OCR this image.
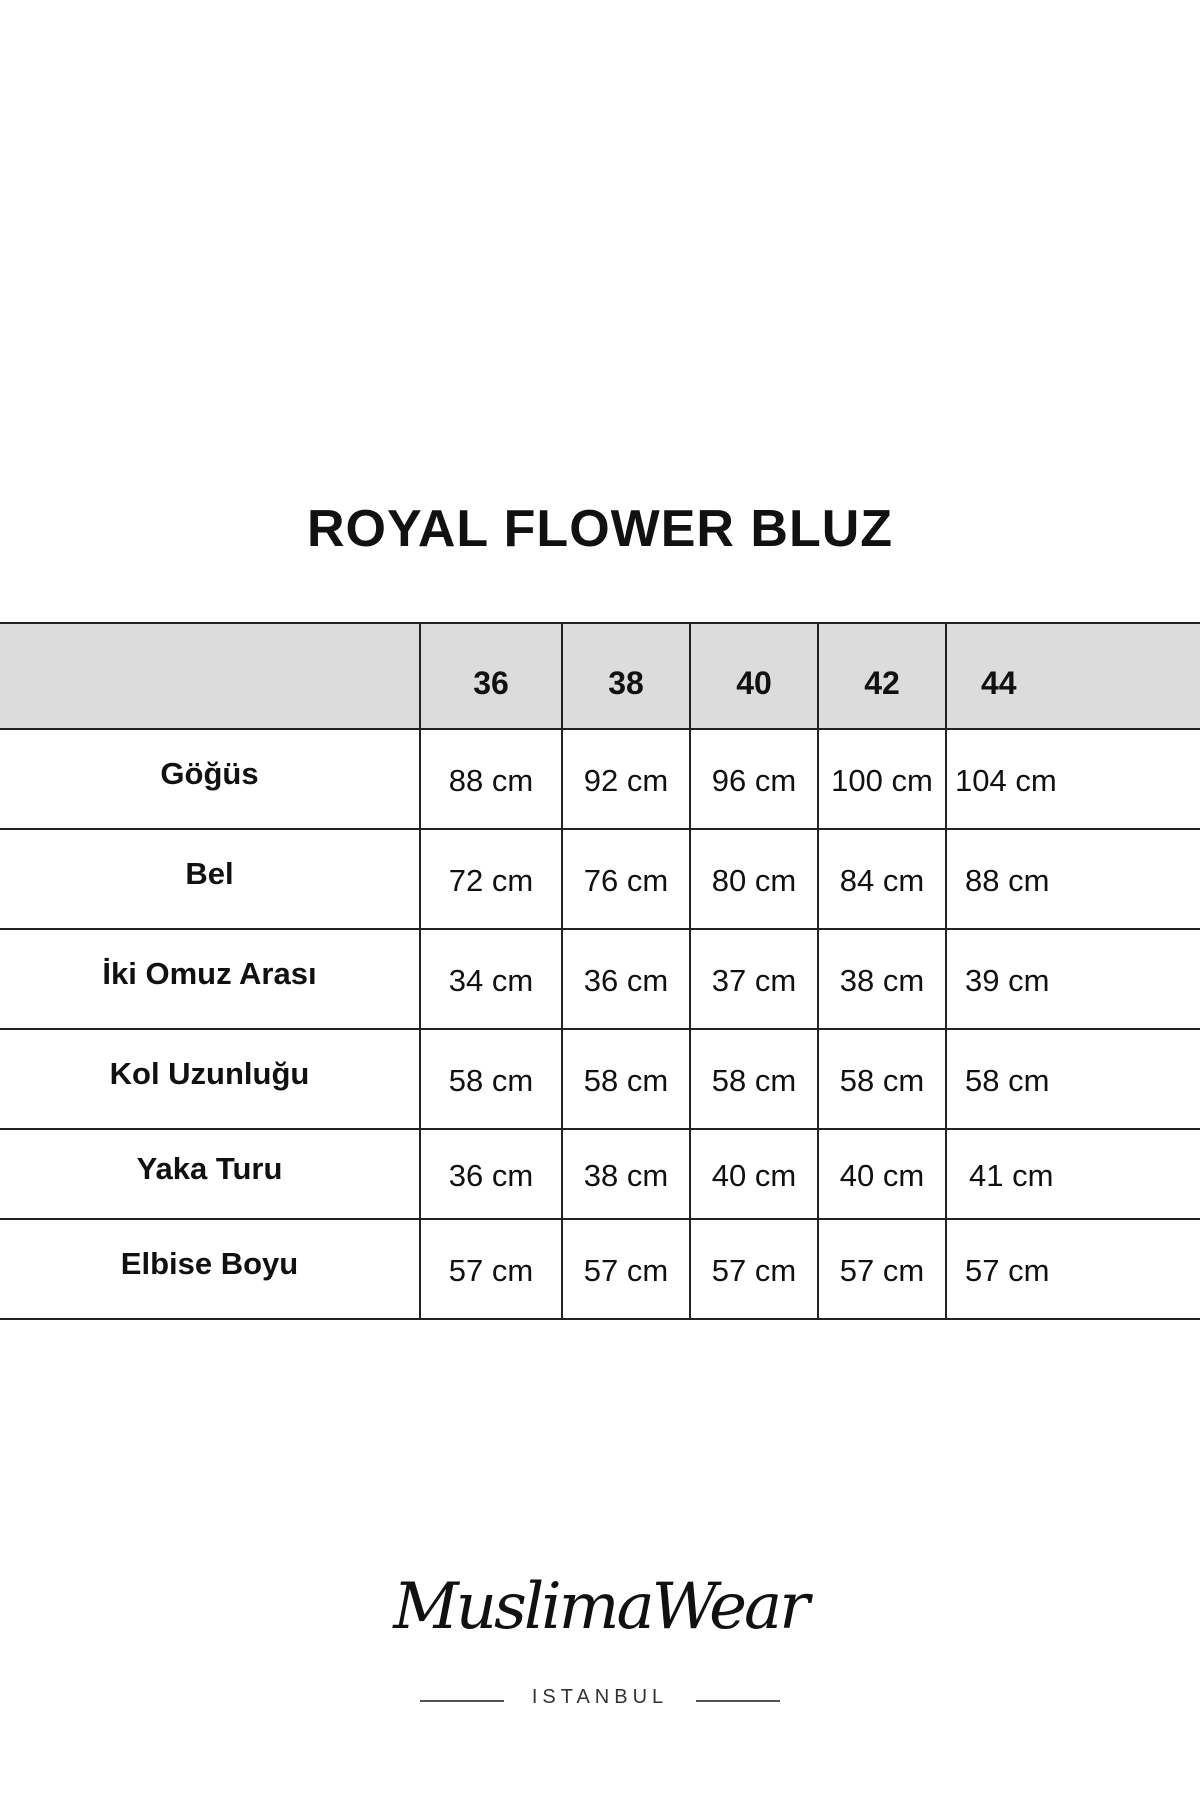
ROYAL FLOWER BLUZ
	36	38	40	42	44
Göğüs	88 cm	92 cm	96 cm	100 cm	104 cm
Bel	72 cm	76 cm	80 cm	84 cm	88 cm
İki Omuz Arası	34 cm	36 cm	37 cm	38 cm	39 cm
Kol Uzunluğu	58 cm	58 cm	58 cm	58 cm	58 cm
Yaka Turu	36 cm	38 cm	40 cm	40 cm	41 cm
Elbise Boyu	57 cm	57 cm	57 cm	57 cm	57 cm
MuslimaWear
ISTANBUL
